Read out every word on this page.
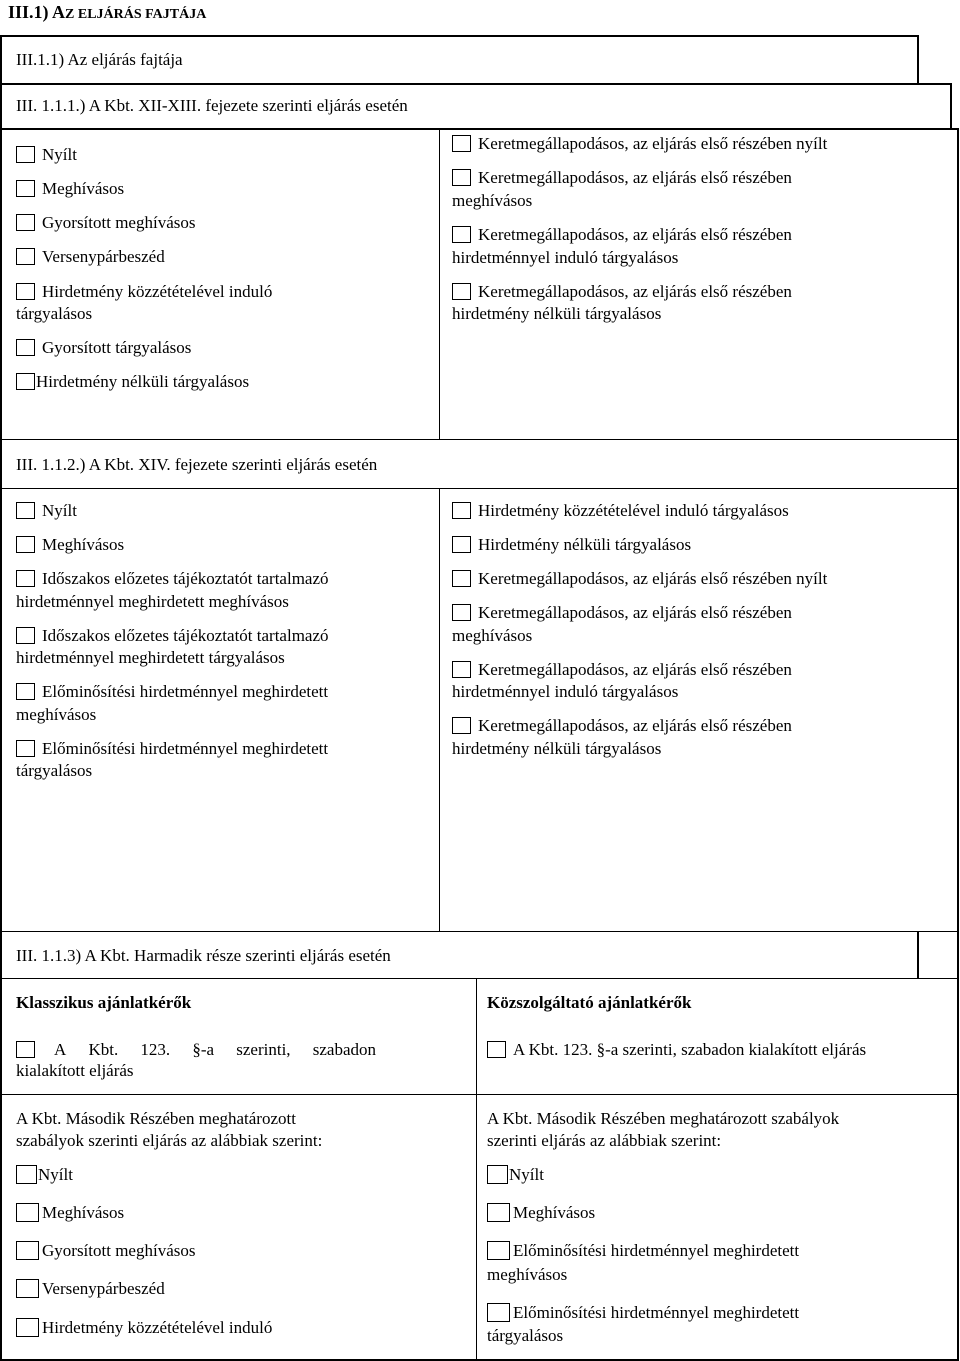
III.1) AZ ELJÁRÁS FAJTÁJA
III.1.1) Az eljárás fajtája
III. 1.1.1.) A Kbt. XII-XIII. fejezete szerinti eljárás esetén
Nyílt
Meghívásos
Gyorsított meghívásos
Versenypárbeszéd
Hirdetmény közzétételével induló
tárgyalásos
Gyorsított tárgyalásos
Hirdetmény nélküli tárgyalásos
Keretmegállapodásos, az eljárás első részében nyílt
Keretmegállapodásos, az eljárás első részében
meghívásos
Keretmegállapodásos, az eljárás első részében
hirdetménnyel induló tárgyalásos
Keretmegállapodásos, az eljárás első részében
hirdetmény nélküli tárgyalásos
III. 1.1.2.) A Kbt. XIV. fejezete szerinti eljárás esetén
Nyílt
Meghívásos
Időszakos előzetes tájékoztatót tartalmazó
hirdetménnyel meghirdetett meghívásos
Időszakos előzetes tájékoztatót tartalmazó
hirdetménnyel meghirdetett tárgyalásos
Előminősítési hirdetménnyel meghirdetett
meghívásos
Előminősítési hirdetménnyel meghirdetett
tárgyalásos
Hirdetmény közzétételével induló tárgyalásos
Hirdetmény nélküli tárgyalásos
Keretmegállapodásos, az eljárás első részében nyílt
Keretmegállapodásos, az eljárás első részében
meghívásos
Keretmegállapodásos, az eljárás első részében
hirdetménnyel induló tárgyalásos
Keretmegállapodásos, az eljárás első részében
hirdetmény nélküli tárgyalásos
III. 1.1.3) A Kbt. Harmadik része szerinti eljárás esetén
Klasszikus ajánlatkérők	Közszolgáltató ajánlatkérők
A Kbt. 123. §-a szerinti, szabadon
kialakított eljárás
A Kbt. Második Részében meghatározott
szabályok szerinti eljárás az alábbiak szerint:
Nyílt
Meghívásos
Gyorsított meghívásos
Versenypárbeszéd
Hirdetmény közzétételével induló
A Kbt. 123. §-a szerinti, szabadon kialakított eljárás
A Kbt. Második Részében meghatározott szabályok
szerinti eljárás az alábbiak szerint:
Nyílt
Meghívásos
Előminősítési hirdetménnyel meghirdetett
meghívásos
Előminősítési hirdetménnyel meghirdetett
tárgyalásos
